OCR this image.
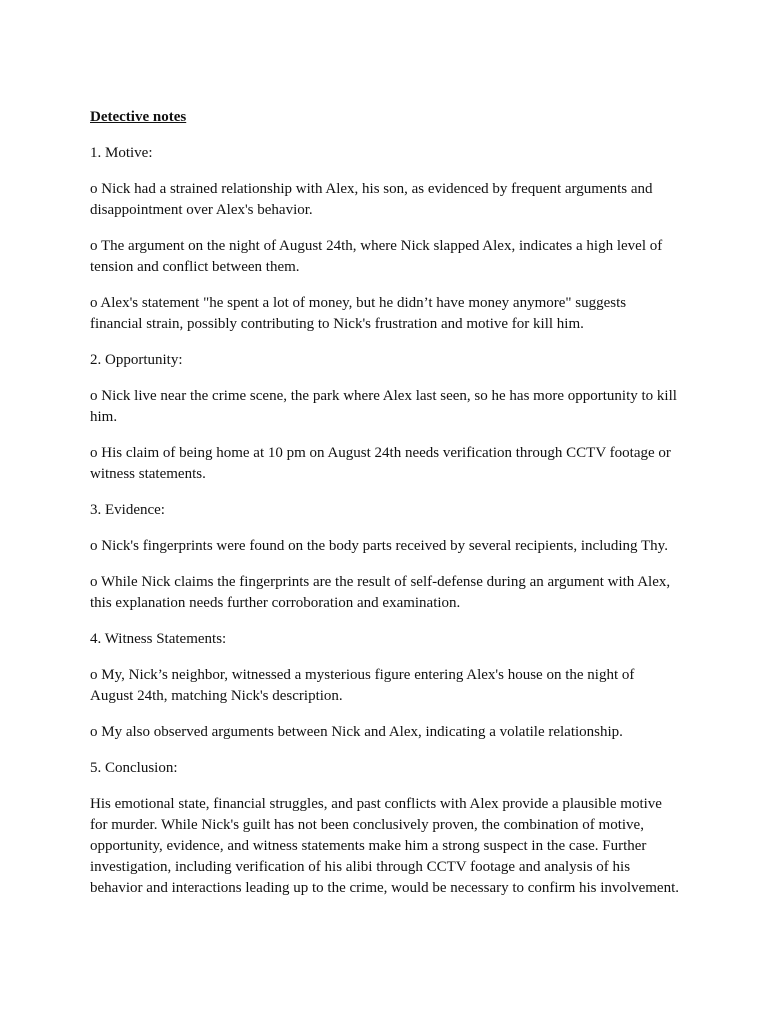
Detective notes

1. Motive:

o Nick had a strained relationship with Alex, his son, as evidenced by frequent arguments and disappointment over Alex's behavior.

o The argument on the night of August 24th, where Nick slapped Alex, indicates a high level of tension and conflict between them.

o Alex's statement "he spent a lot of money, but he didn’t have money anymore" suggests financial strain, possibly contributing to Nick's frustration and motive for kill him.

2. Opportunity:

o Nick live near the crime scene, the park where Alex last seen, so he has more opportunity to kill him.

o His claim of being home at 10 pm on August 24th needs verification through CCTV footage or witness statements.

3. Evidence:

o Nick's fingerprints were found on the body parts received by several recipients, including Thy.

o While Nick claims the fingerprints are the result of self-defense during an argument with Alex, this explanation needs further corroboration and examination.

4. Witness Statements:

o My, Nick’s neighbor, witnessed a mysterious figure entering Alex's house on the night of August 24th, matching Nick's description.

o My also observed arguments between Nick and Alex, indicating a volatile relationship.

5. Conclusion:

His emotional state, financial struggles, and past conflicts with Alex provide a plausible motive for murder. While Nick's guilt has not been conclusively proven, the combination of motive, opportunity, evidence, and witness statements make him a strong suspect in the case. Further investigation, including verification of his alibi through CCTV footage and analysis of his behavior and interactions leading up to the crime, would be necessary to confirm his involvement.
